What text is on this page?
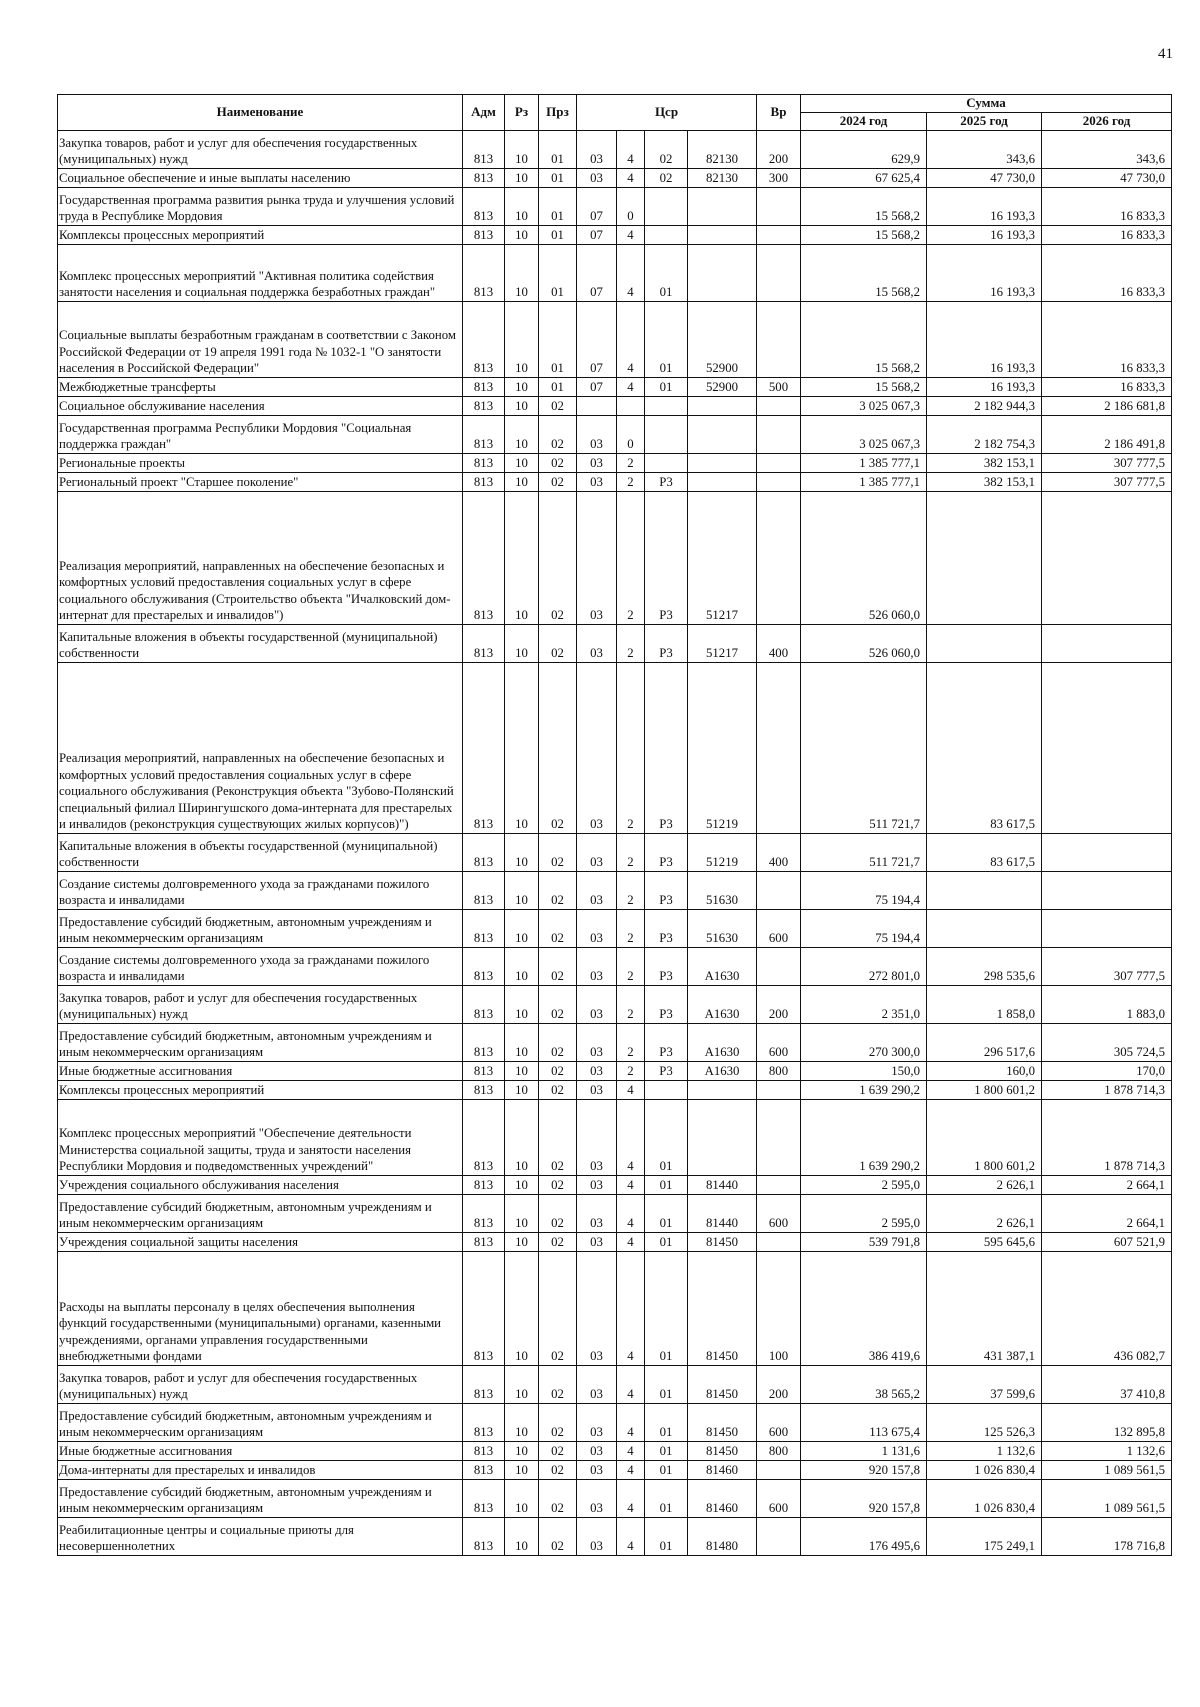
41
Наименование	Адм	Рз	Прз	Цср				Вр	Сумма		
									2024 год	2025 год	2026 год
Закупка товаров, работ и услуг для обеспечения государственных (муниципальных) нужд	813	10	01	03	4	02	82130	200	629,9	343,6	343,6
Социальное обеспечение и иные выплаты населению	813	10	01	03	4	02	82130	300	67 625,4	47 730,0	47 730,0
Государственная программа развития рынка труда и улучшения условий труда в Республике Мордовия	813	10	01	07	0				15 568,2	16 193,3	16 833,3
Комплексы процессных мероприятий	813	10	01	07	4				15 568,2	16 193,3	16 833,3
Комплекс процессных мероприятий "Активная политика содействия занятости населения и социальная поддержка безработных граждан"	813	10	01	07	4	01			15 568,2	16 193,3	16 833,3
Социальные выплаты безработным гражданам в соответствии с Законом Российской Федерации от 19 апреля 1991 года № 1032-1 "О занятости населения в Российской Федерации"	813	10	01	07	4	01	52900		15 568,2	16 193,3	16 833,3
Межбюджетные трансферты	813	10	01	07	4	01	52900	500	15 568,2	16 193,3	16 833,3
Социальное обслуживание населения	813	10	02						3 025 067,3	2 182 944,3	2 186 681,8
Государственная программа Республики Мордовия "Социальная поддержка граждан"	813	10	02	03	0				3 025 067,3	2 182 754,3	2 186 491,8
Региональные проекты	813	10	02	03	2				1 385 777,1	382 153,1	307 777,5
Региональный проект "Старшее поколение"	813	10	02	03	2	Р3			1 385 777,1	382 153,1	307 777,5
Реализация мероприятий, направленных на обеспечение безопасных и комфортных условий предоставления социальных услуг в сфере социального обслуживания (Строительство объекта "Ичалковский дом-интернат для престарелых и инвалидов")	813	10	02	03	2	Р3	51217		526 060,0		
Капитальные вложения в объекты государственной (муниципальной) собственности	813	10	02	03	2	Р3	51217	400	526 060,0		
Реализация мероприятий, направленных на обеспечение безопасных и комфортных условий предоставления социальных услуг в сфере социального обслуживания (Реконструкция объекта "Зубово-Полянский специальный филиал Ширингушского дома-интерната для престарелых и инвалидов (реконструкция существующих жилых корпусов)")	813	10	02	03	2	Р3	51219		511 721,7	83 617,5	
Капитальные вложения в объекты государственной (муниципальной) собственности	813	10	02	03	2	Р3	51219	400	511 721,7	83 617,5	
Создание системы долговременного ухода за гражданами пожилого возраста и инвалидами	813	10	02	03	2	Р3	51630		75 194,4		
Предоставление субсидий бюджетным, автономным учреждениям и иным некоммерческим организациям	813	10	02	03	2	Р3	51630	600	75 194,4		
Создание системы долговременного ухода за гражданами пожилого возраста и инвалидами	813	10	02	03	2	Р3	А1630		272 801,0	298 535,6	307 777,5
Закупка товаров, работ и услуг для обеспечения государственных (муниципальных) нужд	813	10	02	03	2	Р3	А1630	200	2 351,0	1 858,0	1 883,0
Предоставление субсидий бюджетным, автономным учреждениям и иным некоммерческим организациям	813	10	02	03	2	Р3	А1630	600	270 300,0	296 517,6	305 724,5
Иные бюджетные ассигнования	813	10	02	03	2	Р3	А1630	800	150,0	160,0	170,0
Комплексы процессных мероприятий	813	10	02	03	4				1 639 290,2	1 800 601,2	1 878 714,3
Комплекс процессных мероприятий "Обеспечение деятельности Министерства социальной защиты, труда и занятости населения Республики Мордовия и подведомственных учреждений"	813	10	02	03	4	01			1 639 290,2	1 800 601,2	1 878 714,3
Учреждения социального обслуживания населения	813	10	02	03	4	01	81440		2 595,0	2 626,1	2 664,1
Предоставление субсидий бюджетным, автономным учреждениям и иным некоммерческим организациям	813	10	02	03	4	01	81440	600	2 595,0	2 626,1	2 664,1
Учреждения социальной защиты населения	813	10	02	03	4	01	81450		539 791,8	595 645,6	607 521,9
Расходы на выплаты персоналу в целях обеспечения выполнения функций государственными (муниципальными) органами, казенными учреждениями, органами управления государственными внебюджетными фондами	813	10	02	03	4	01	81450	100	386 419,6	431 387,1	436 082,7
Закупка товаров, работ и услуг для обеспечения государственных (муниципальных) нужд	813	10	02	03	4	01	81450	200	38 565,2	37 599,6	37 410,8
Предоставление субсидий бюджетным, автономным учреждениям и иным некоммерческим организациям	813	10	02	03	4	01	81450	600	113 675,4	125 526,3	132 895,8
Иные бюджетные ассигнования	813	10	02	03	4	01	81450	800	1 131,6	1 132,6	1 132,6
Дома-интернаты для престарелых и инвалидов	813	10	02	03	4	01	81460		920 157,8	1 026 830,4	1 089 561,5
Предоставление субсидий бюджетным, автономным учреждениям и иным некоммерческим организациям	813	10	02	03	4	01	81460	600	920 157,8	1 026 830,4	1 089 561,5
Реабилитационные центры и социальные приюты для несовершеннолетних	813	10	02	03	4	01	81480		176 495,6	175 249,1	178 716,8
